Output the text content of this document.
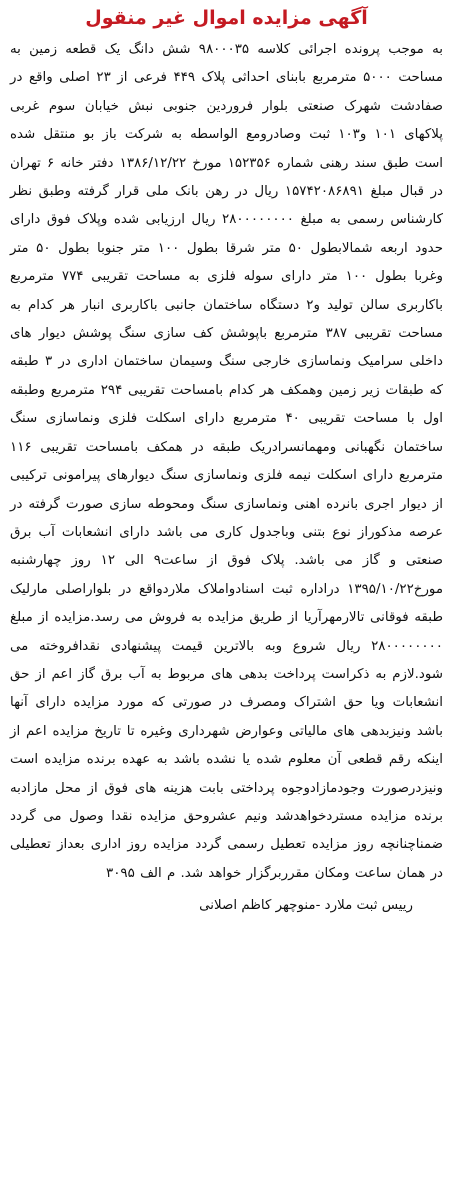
آگهی مزایده اموال غیر منقول

به موجب پرونده اجرائی کلاسه ۹۸۰۰۰۳۵ شش دانگ یک قطعه زمین به مساحت ۵۰۰۰ مترمربع بابنای احداثی پلاک ۴۴۹ فرعی از ۲۳ اصلی واقع در صفادشت شهرک صنعتی بلوار فروردین جنوبی نبش خیابان سوم غربی پلاکهای ۱۰۱ و۱۰۳ ثبت وصادرومع الواسطه به شرکت باز بو منتقل شده است طبق سند رهنی شماره ۱۵۲۳۵۶ مورخ ۱۳۸۶/۱۲/۲۲ دفتر خانه ۶ تهران در قبال مبلغ ۱۵۷۴۲۰۸۶۸۹۱ ریال در رهن بانک ملی قرار گرفته وطبق نظر کارشناس رسمی به مبلغ ۲۸۰۰۰۰۰۰۰۰ ریال ارزیابی شده وپلاک فوق دارای حدود اربعه شمالابطول ۵۰ متر شرقا بطول ۱۰۰ متر جنوبا بطول ۵۰ متر وغربا بطول ۱۰۰ متر دارای سوله فلزی به مساحت تقریبی ۷۷۴ مترمربع باکاربری سالن تولید و۲ دستگاه ساختمان جانبی باکاربری انبار هر کدام به مساحت تقریبی ۳۸۷ مترمربع باپوشش کف سازی سنگ پوشش دیوار های داخلی سرامیک ونماسازی خارجی سنگ وسیمان ساختمان اداری در ۳ طبقه که طبقات زیر زمین وهمکف هر کدام بامساحت تقریبی ۲۹۴ مترمربع وطبقه اول با مساحت تقریبی ۴۰ مترمربع دارای اسکلت فلزی ونماسازی سنگ ساختمان نگهبانی ومهمانسرادریک طبقه در همکف بامساحت تقریبی ۱۱۶ مترمربع دارای اسکلت نیمه فلزی ونماسازی سنگ دیوارهای پیرامونی ترکیبی از دیوار اجری بانرده اهنی ونماسازی سنگ ومحوطه سازی صورت گرفته در عرصه مذکوراز نوع بتنی وباجدول کاری می باشد دارای انشعابات آب برق صنعتی و گاز می باشد. پلاک فوق از ساعت۹ الی ۱۲ روز چهارشنبه مورخ۱۳۹۵/۱۰/۲۲ دراداره ثبت اسنادواملاک ملاردواقع در بلواراصلی مارلیک طبقه فوقانی تالارمهرآریا از طریق مزایده به فروش می رسد.مزایده از مبلغ ۲۸۰۰۰۰۰۰۰۰ ریال شروع وبه بالاترین قیمت پیشنهادی نقدافروخته می شود.لازم به ذکراست پرداخت بدهی های مربوط به آب برق گاز اعم از حق انشعابات ویا حق اشتراک ومصرف در صورتی که مورد مزایده دارای آنها باشد ونیزبدهی های مالیاتی وعوارض شهرداری وغیره تا تاریخ مزایده اعم از اینکه رقم قطعی آن معلوم شده یا نشده باشد به عهده برنده مزایده است ونیزدرصورت وجودمازادوجوه پرداختی بابت هزینه های فوق از محل مازادبه برنده مزایده مستردخواهدشد ونیم عشروحق مزایده نقدا وصول می گردد ضمناچنانچه روز مزایده تعطیل رسمی گردد مزایده روز اداری بعداز تعطیلی در همان ساعت ومکان مقرربرگزار خواهد شد. م الف ۳۰۹۵

رییس ثبت ملارد -منوچهر کاظم اصلانی
